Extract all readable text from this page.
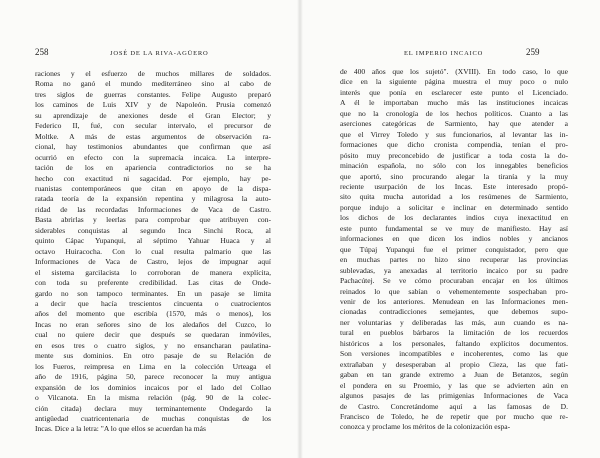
258	JOSÉ DE LA RIVA-AGÜERO
raciones y el esfuerzo de muchos millares de soldados.
Roma no ganó el mundo mediterráneo sino al cabo de
tres siglos de guerras constantes. Felipe Augusto preparó
los caminos de Luis XIV y de Napoleón. Prusia comenzó
su aprendizaje de anexiones desde el Gran Elector; y
Federico II, fué, con secular intervalo, el precursor de
Moltke. A más de estas argumentos de observación ra-
cional, hay testimonios abundantes que confirman que así
ocurrió en efecto con la supremacía incaica. La interpre-
tación de los en apariencia contradictorios no se ha
hecho con exactitud ni sagacidad. Por ejemplo, hay pe-
ruanistas contemporáneos que citan en apoyo de la dispa-
ratada teoría de la expansión repentina y milagrosa la auto-
ridad de las recordadas Informaciones de Vaca de Castro.
Basta abrirlas y leerlas para comprobar que atribuyen con-
siderables conquistas al segundo Inca Sinchi Roca, al
quinto Cápac Yupanqui, al séptimo Yahuar Huaca y al
octavo Huiracocha. Con lo cual resulta palmario que las
Informaciones de Vaca de Castro, lejos de impugnar aquí
el sistema garcilacista lo corroboran de manera explícita,
con toda su preferente credibilidad. Las citas de Onde-
gardo no son tampoco terminantes. En un pasaje se limita
a decir que hacía trescientos cincuenta o cuatrocientos
años del momento que escribía (1570, más o menos), los
Incas no eran señores sino de los aledaños del Cuzco, lo
cual no quiere decir que después se quedaran inmóviles,
en esos tres o cuatro siglos, y no ensancharan paulatina-
mente sus dominios. En otro pasaje de su Relación de
los Fueros, reimpresa en Lima en la colección Urteaga el
año de 1916, página 50, parece reconocer la muy antigua
expansión de los dominios incaicos por el lado del Collao
o Vilcanota. En la misma relación (pág. 90 de la colec-
ción citada) declara muy terminantemente Ondegardo la
antigüedad cuatricentenaria de muchas conquistas de los
Incas. Dice a la letra: "A lo que ellos se acuerdan ha más
EL IMPERIO INCAICO	259
de 400 años que los sujetó". (XVIII). En todo caso, lo que
dice en la siguiente página muestra el muy poco o nulo
interés que ponía en esclarecer este punto el Licenciado.
A él le importaban mucho más las instituciones incaicas
que no la cronología de los hechos políticos. Cuanto a las
aserciones categóricas de Sarmiento, hay que atender a
que el Virrey Toledo y sus funcionarios, al levantar las in-
formaciones que dicho cronista compendia, tenían el pro-
pósito muy preconcebido de justificar a toda costa la do-
minación española, no sólo con los innegables beneficios
que aportó, sino procurando alegar la tiranía y la muy
reciente usurpación de los Incas. Este interesado propó-
sito quita mucha autoridad a los resúmenes de Sarmiento,
porque indujo a solicitar e inclinar en determinado sentido
los dichos de los declarantes indios cuya inexactitud en
este punto fundamental se ve muy de manifiesto. Hay así
informaciones en que dicen los indios nobles y ancianos
que Túpaj Yupanqui fue el primer conquistador, pero que
en muchas partes no hizo sino recuperar las provincias
sublevadas, ya anexadas al territorio incaico por su padre
Pachacútej. Se ve cómo procuraban encajar en los últimos
reinados lo que sabían o vehementemente sospechaban pro-
venir de los anteriores. Menudean en las Informaciones men-
cionadas contradicciones semejantes, que debemos supo-
ner voluntarias y deliberadas las más, aun cuando es na-
tural en pueblos bárbaros la limitación de los recuerdos
históricos a los personales, faltando explícitos documentos.
Son versiones incompatibles e incoherentes, como las que
extrañaban y desesperaban al propio Cieza, las que fati-
gaban en tan grande extremo a Juan de Betanzos, según
el pondera en su Proemio, y las que se advierten aún en
algunos pasajes de las primigenias Informaciones de Vaca
de Castro. Concretándome aquí a las famosas de D.
Francisco de Toledo, he de repetir que por mucho que re-
conozca y proclame los méritos de la colonización espa-
